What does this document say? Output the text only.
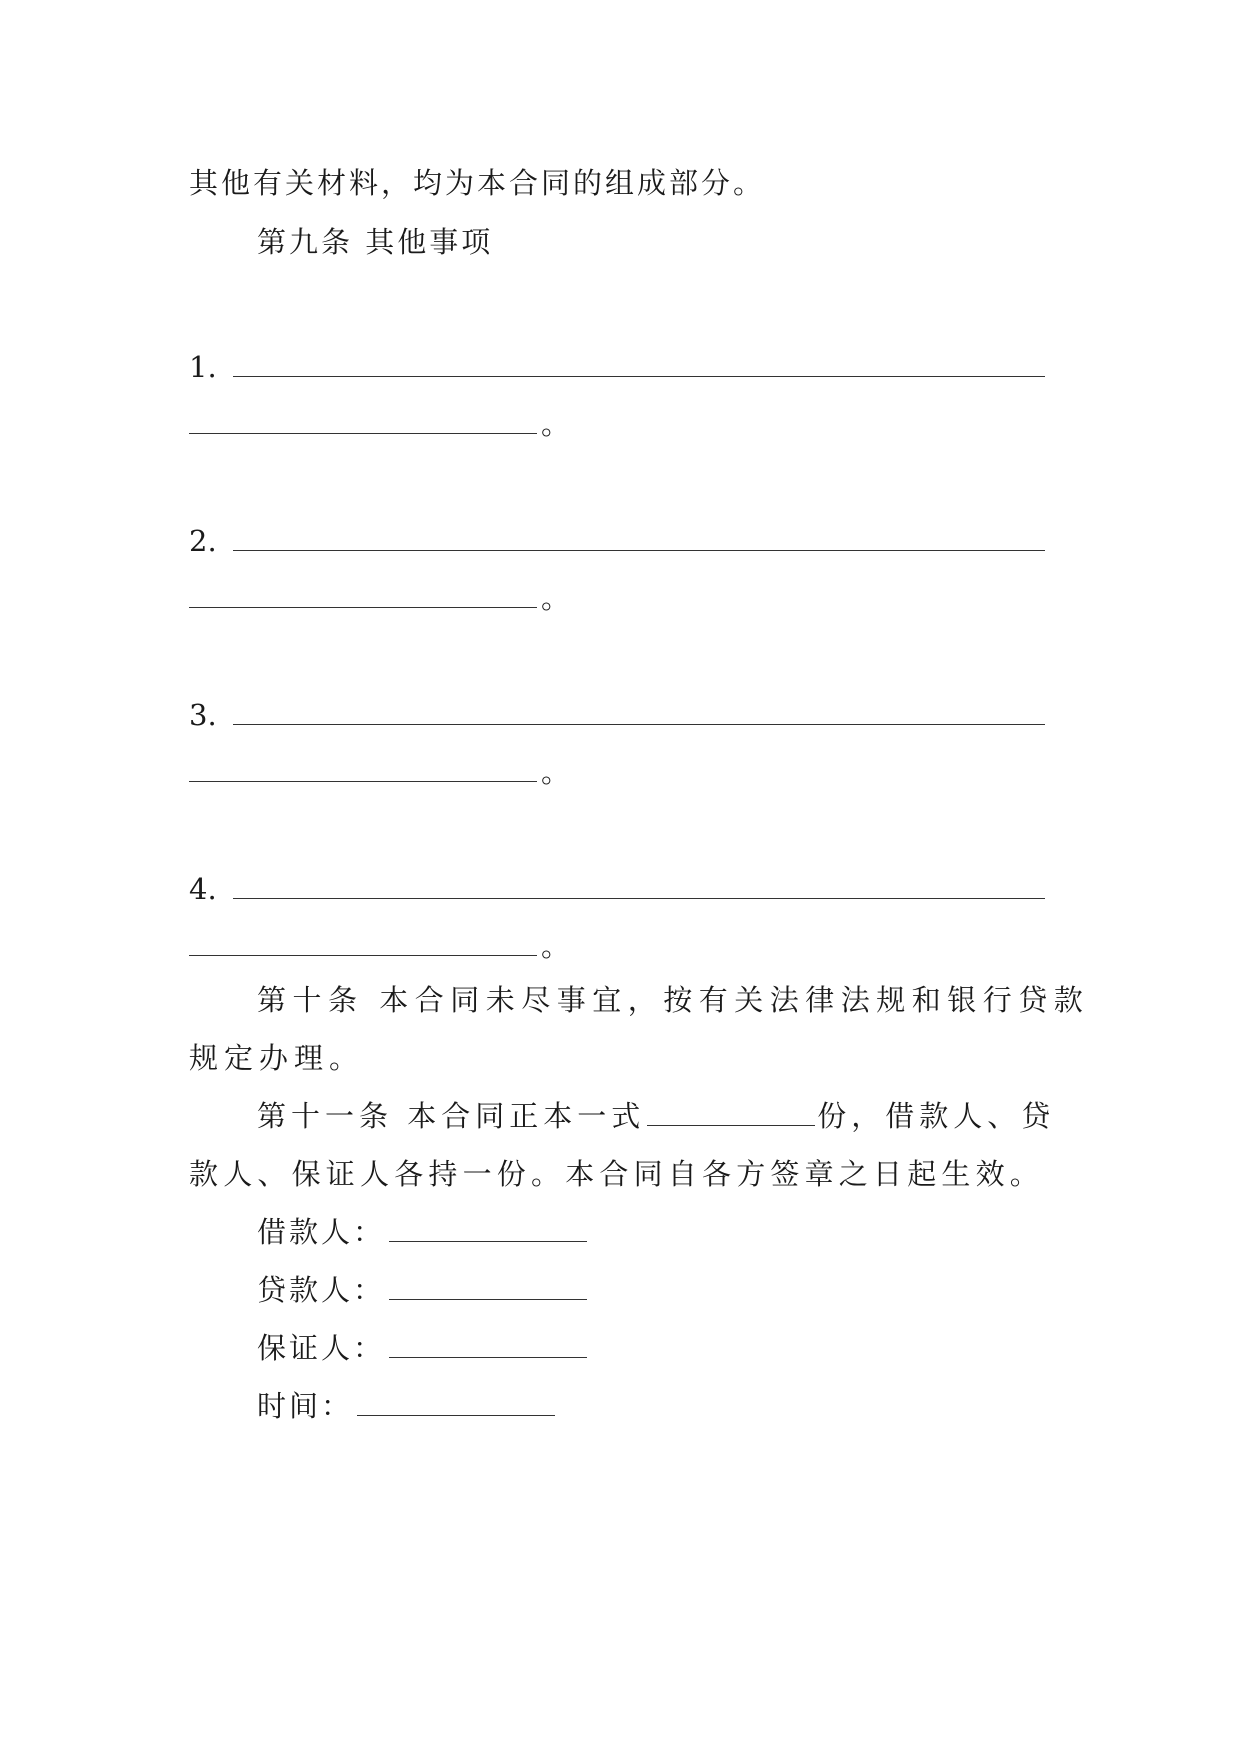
其他有关材料，均为本合同的组成部分。
第九条 其他事项
1.
。
2.
。
3.
。
4.
。
第十条 本合同未尽事宜，按有关法律法规和银行贷款
规定办理。
第十一条 本合同正本一式	份，借款人、贷
款人、保证人各持一份。本合同自各方签章之日起生效。
借款人：
贷款人：
保证人：
时间：
